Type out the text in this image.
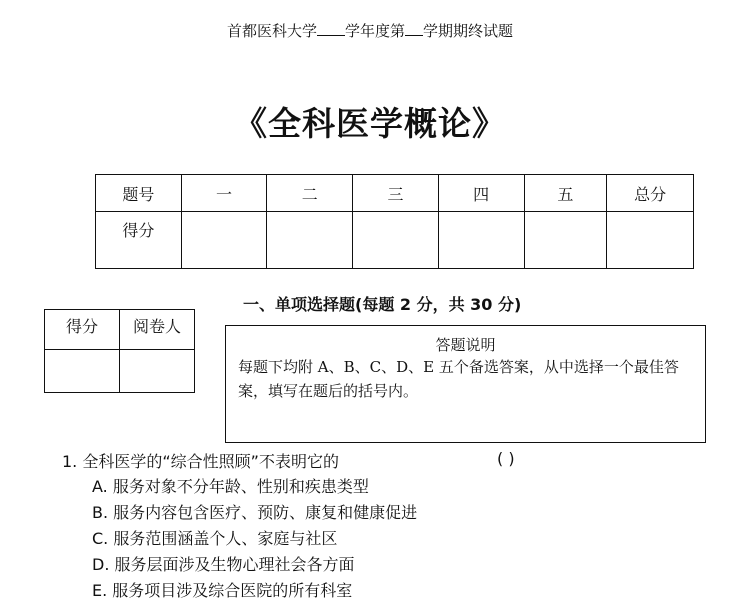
首都医科大学 学年度第 学期期终试题
《全科医学概论》
题号	一	二	三	四	五	总分
得分						
得分	阅卷人

一、单项选择题(每题 2 分，共 30 分)
答题说明
每题下均附 A、B、C、D、E 五个备选答案，从中选择一个最佳答案，填写在题后的括号内。
1. 全科医学的“综合性照顾”不表明它的	( )
A. 服务对象不分年龄、性别和疾患类型
B. 服务内容包含医疗、预防、康复和健康促进
C. 服务范围涵盖个人、家庭与社区
D. 服务层面涉及生物心理社会各方面
E. 服务项目涉及综合医院的所有科室
